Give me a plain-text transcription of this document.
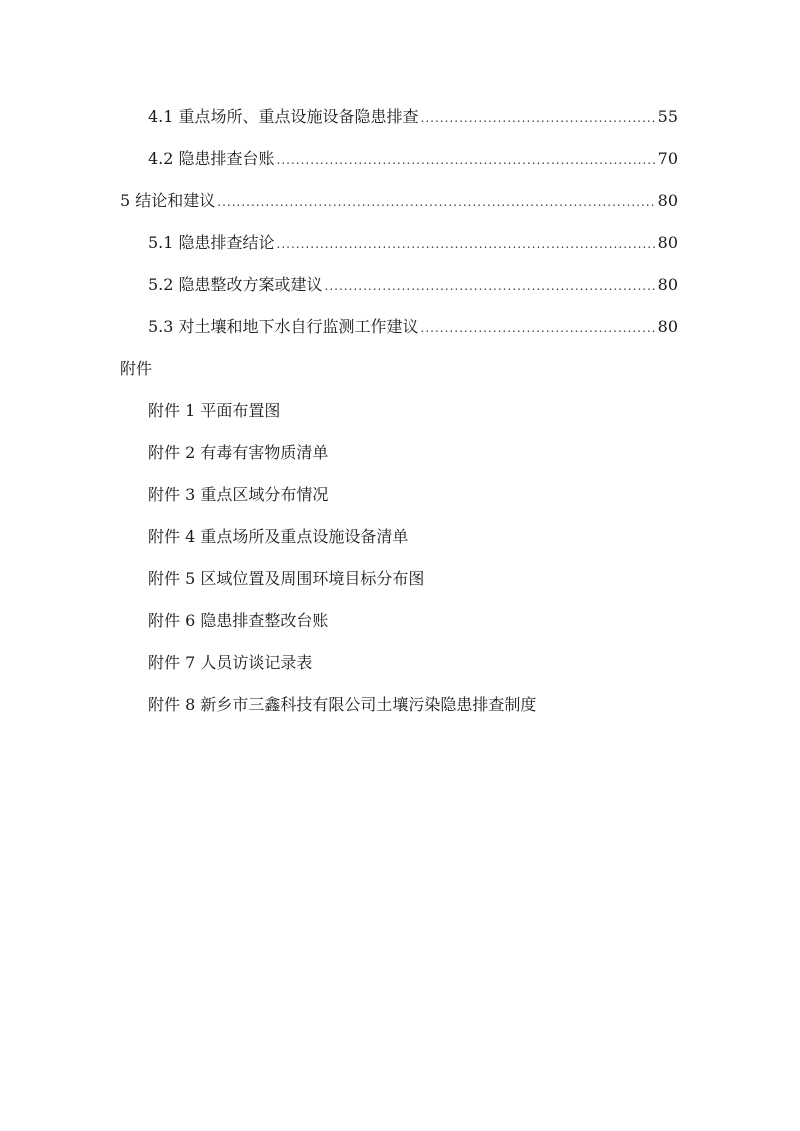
4.1 重点场所、重点设施设备隐患排查 .....	55
4.2 隐患排查台账 .....	70
5 结论和建议 .....	80
5.1 隐患排查结论 .....	80
5.2 隐患整改方案或建议 .....	80
5.3 对土壤和地下水自行监测工作建议 .....	80
附件
附件 1 平面布置图
附件 2 有毒有害物质清单
附件 3 重点区域分布情况
附件 4 重点场所及重点设施设备清单
附件 5 区域位置及周围环境目标分布图
附件 6 隐患排查整改台账
附件 7 人员访谈记录表
附件 8 新乡市三鑫科技有限公司土壤污染隐患排查制度
